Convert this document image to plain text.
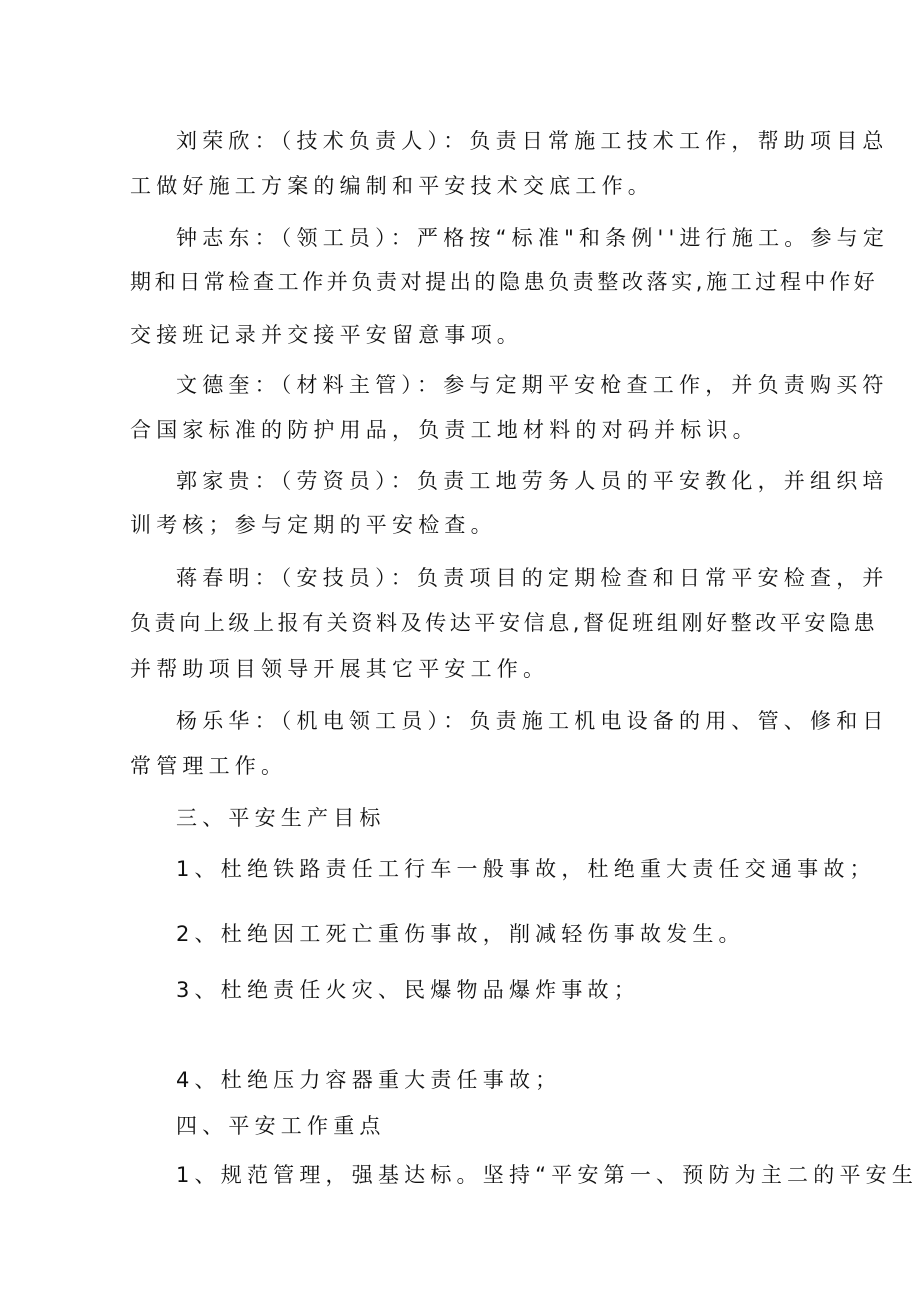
刘荣欣：（技术负责人）：负责日常施工技术工作，帮助项目总
工做好施工方案的编制和平安技术交底工作。
钟志东：（领工员）：严格按“标准"和条例''进行施工。参与定
期和日常检查工作并负责对提出的隐患负责整改落实,施工过程中作好
交接班记录并交接平安留意事项。
文德奎：（材料主管）：参与定期平安枪查工作，并负责购买符
合国家标准的防护用品，负责工地材料的对码并标识。
郭家贵：（劳资员）：负责工地劳务人员的平安教化，并组织培
训考核；参与定期的平安检查。
蒋春明：（安技员）：负责项目的定期检查和日常平安检查，并
负责向上级上报有关资料及传达平安信息,督促班组刚好整改平安隐患
并帮助项目领导开展其它平安工作。
杨乐华：（机电领工员）：负责施工机电设备的用、管、修和日
常管理工作。
三、平安生产目标
1、杜绝铁路责任工行车一般事故，杜绝重大责任交通事故；
2、杜绝因工死亡重伤事故，削减轻伤事故发生。
3、杜绝责任火灾、民爆物品爆炸事故；
4、杜绝压力容器重大责任事故；
四、平安工作重点
1、规范管理，强基达标。坚持“平安第一、预防为主二的平安生
